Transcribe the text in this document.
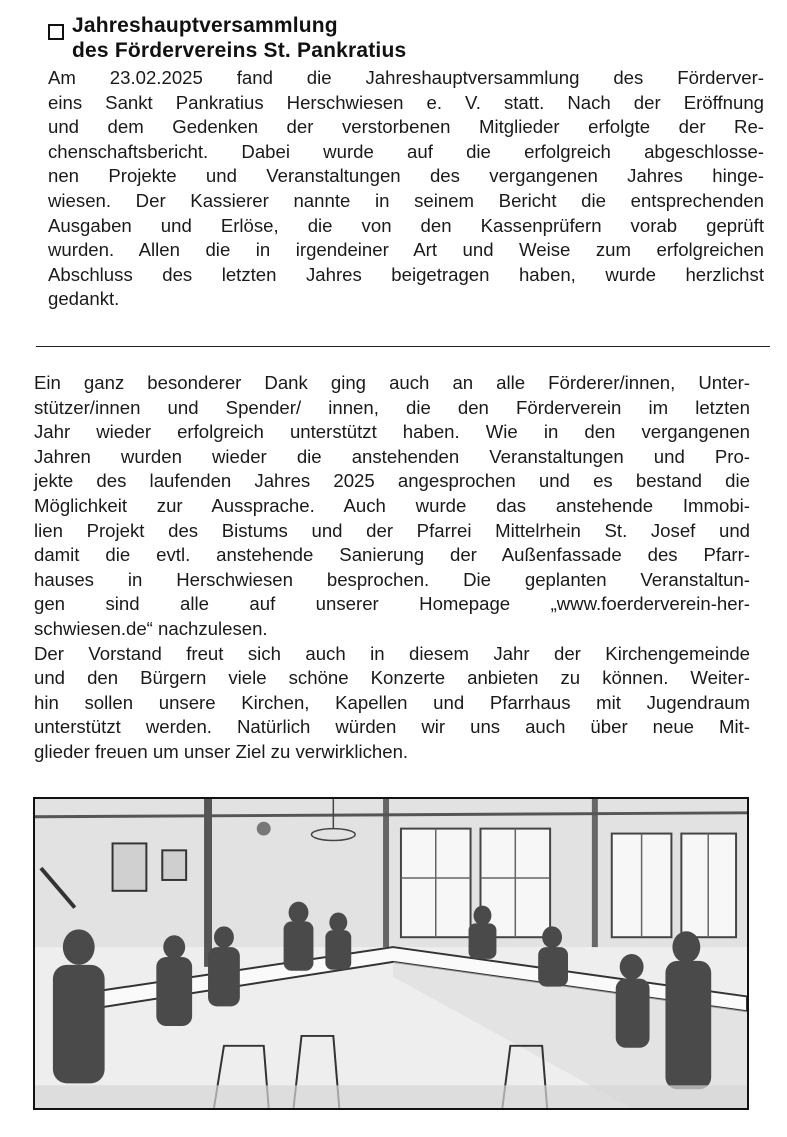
Jahreshauptversammlung
des Fördervereins St. Pankratius
Am 23.02.2025 fand die Jahreshauptversammlung des Förderver-
eins Sankt Pankratius Herschwiesen e. V. statt. Nach der Eröffnung
und dem Gedenken der verstorbenen Mitglieder erfolgte der Re-
chenschaftsbericht. Dabei wurde auf die erfolgreich abgeschlosse-
nen Projekte und Veranstaltungen des vergangenen Jahres hinge-
wiesen. Der Kassierer nannte in seinem Bericht die entsprechenden
Ausgaben und Erlöse, die von den Kassenprüfern vorab geprüft
wurden. Allen die in irgendeiner Art und Weise zum erfolgreichen
Abschluss des letzten Jahres beigetragen haben, wurde herzlichst
gedankt.
Ein ganz besonderer Dank ging auch an alle Förderer/innen, Unter-
stützer/innen und Spender/ innen, die den Förderverein im letzten
Jahr wieder erfolgreich unterstützt haben. Wie in den vergangenen
Jahren wurden wieder die anstehenden Veranstaltungen und Pro-
jekte des laufenden Jahres 2025 angesprochen und es bestand die
Möglichkeit zur Aussprache. Auch wurde das anstehende Immobi-
lien Projekt des Bistums und der Pfarrei Mittelrhein St. Josef und
damit die evtl. anstehende Sanierung der Außenfassade des Pfarr-
hauses in Herschwiesen besprochen. Die geplanten Veranstaltun-
gen sind alle auf unserer Homepage „www.foerderverein-her-
schwiesen.de“ nachzulesen.
Der Vorstand freut sich auch in diesem Jahr der Kirchengemeinde
und den Bürgern viele schöne Konzerte anbieten zu können. Weiter-
hin sollen unsere Kirchen, Kapellen und Pfarrhaus mit Jugendraum
unterstützt werden. Natürlich würden wir uns auch über neue Mit-
glieder freuen um unser Ziel zu verwirklichen.
